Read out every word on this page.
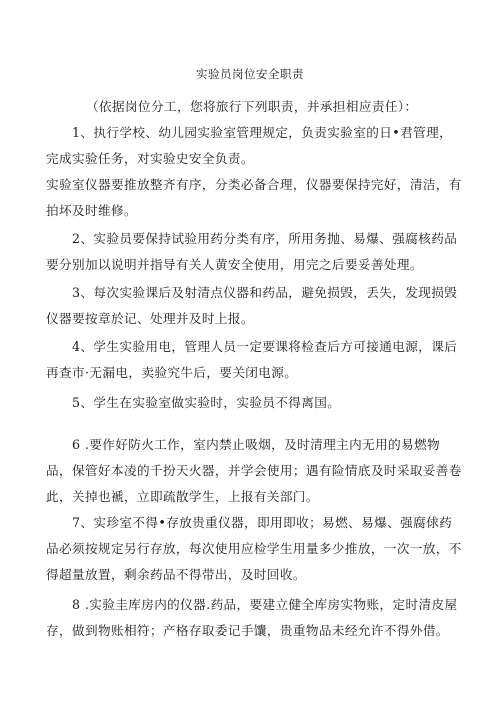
实验员岗位安全职责

（依据岗位分工，您将旅行下列职责，并承担相应责任）：

1、执行学校、幼儿园实验室管理规定，负责实验室的日•君管理，完成实验任务，对实验史安全负责。

实验室仪器要推放整齐有序，分类必备合理，仪器要保持完好，清洁，有拍坏及时维修。

2、实验员要保持试验用药分类有序，所用务抛、易爆、强腐核药品要分别加以说明并指导有关人黄安全使用，用完之后要妥善处理。

3、每次实验课后及射清点仪器和药品，避免损毁，丢失，发现损毁仪器要按章於记、处理并及时上报。

4、学生实验用电，管理人员一定要课将检查后方可接通电源，课后再查市·无漏电，卖验究牛后，要关闭电源。

5、学生在实验室做实验时，实验员不得离国。

6 .要作好防火工作，室内禁止吸烟，及时清理主内无用的易燃物品，保管好本凌的千扮天火器，并学会使用；遇有险情底及时采取妥善卷此，关掉也褫，立即疏散学生，上报有关部门。

7、实珍室不得•存放贵重仪器，即用即收；易燃、易爆、强腐俅药品必须按规定另行存放，每次使用应检学生用量多少推放，一次一放，不得超量放置，剩余药品不得带出，及时回收。

8 .实验圭库房内的仪器.药品，要建立健全库房实物账，定时清皮屋存，做到物账相符；产格存取委记手馕，贵重物品未经允许不得外借。
